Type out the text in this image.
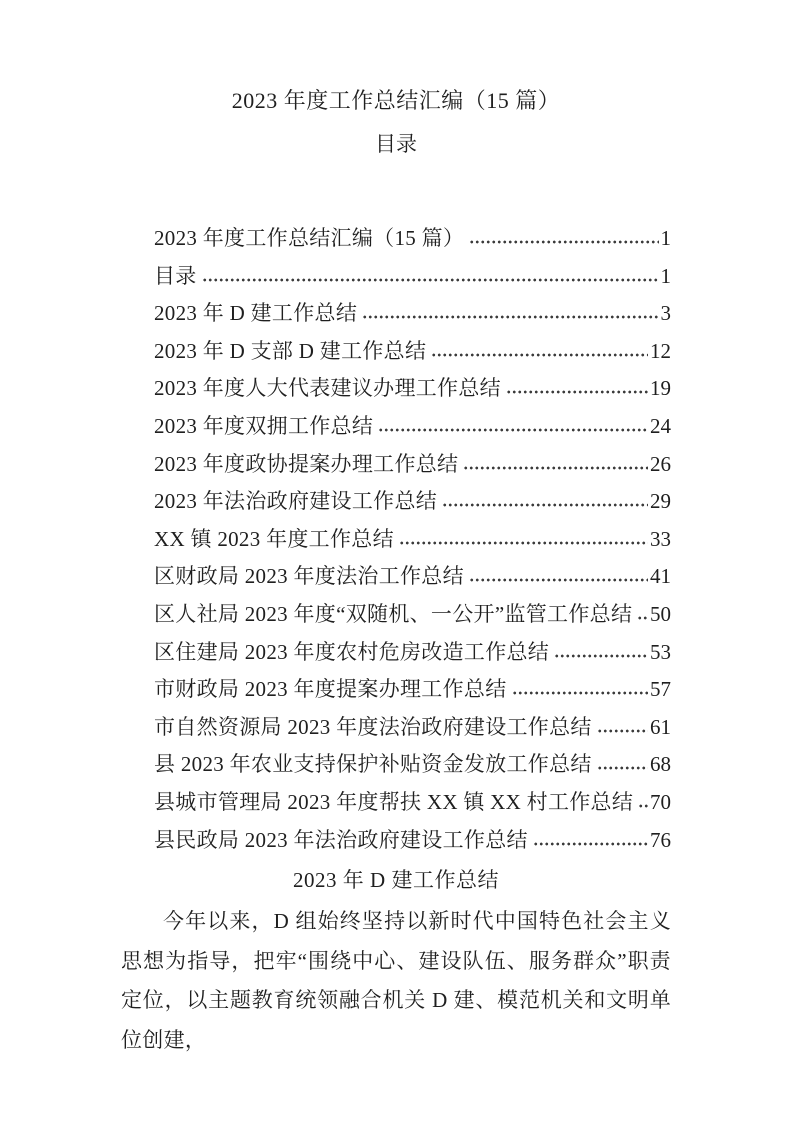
2023 年度工作总结汇编（15 篇）
目录
2023 年度工作总结汇编（15 篇）	1
目录	1
2023 年 D 建工作总结	3
2023 年 D 支部 D 建工作总结	12
2023 年度人大代表建议办理工作总结	19
2023 年度双拥工作总结	24
2023 年度政协提案办理工作总结	26
2023 年法治政府建设工作总结	29
XX 镇 2023 年度工作总结	33
区财政局 2023 年度法治工作总结	41
区人社局 2023 年度“双随机、一公开”监管工作总结 50
区住建局 2023 年度农村危房改造工作总结	53
市财政局 2023 年度提案办理工作总结	57
市自然资源局 2023 年度法治政府建设工作总结	61
县 2023 年农业支持保护补贴资金发放工作总结	68
县城市管理局 2023 年度帮扶 XX 镇 XX 村工作总结 70
县民政局 2023 年法治政府建设工作总结	76
2023 年 D 建工作总结

今年以来，D 组始终坚持以新时代中国特色社会主义思想为指导，把牢“围绕中心、建设队伍、服务群众”职责定位，以主题教育统领融合机关 D 建、模范机关和文明单位创建，
